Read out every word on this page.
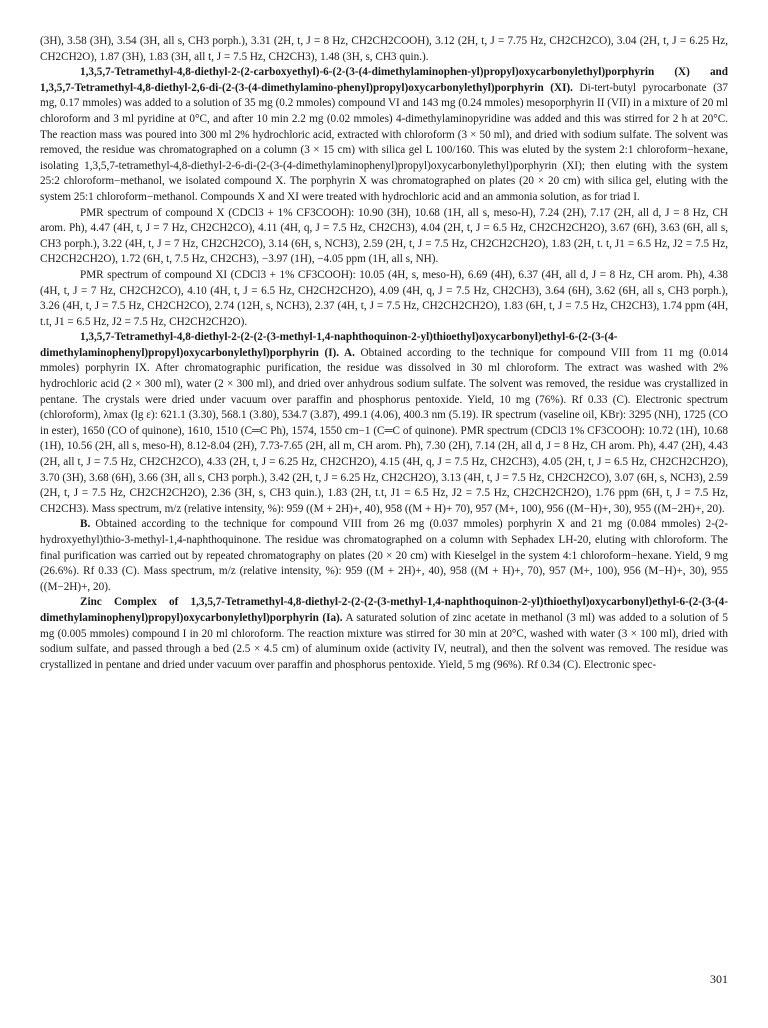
(3H), 3.58 (3H), 3.54 (3H, all s, CH3 porph.), 3.31 (2H, t, J = 8 Hz, CH2CH2COOH), 3.12 (2H, t, J = 7.75 Hz, CH2CH2CO), 3.04 (2H, t, J = 6.25 Hz, CH2CH2O), 1.87 (3H), 1.83 (3H, all t, J = 7.5 Hz, CH2CH3), 1.48 (3H, s, CH3 quin.).

1,3,5,7-Tetramethyl-4,8-diethyl-2-(2-carboxyethyl)-6-(2-(3-(4-dimethylaminophen-yl)propyl)oxycarbonylethyl)porphyrin (X) and 1,3,5,7-Tetramethyl-4,8-diethyl-2,6-di-(2-(3-(4-dimethylamino-phenyl)propyl)oxycarbonylethyl)porphyrin (XI). Di-tert-butyl pyrocarbonate (37 mg, 0.17 mmoles) was added to a solution of 35 mg (0.2 mmoles) compound VI and 143 mg (0.24 mmoles) mesoporphyrin II (VII) in a mixture of 20 ml chloroform and 3 ml pyridine at 0°C, and after 10 min 2.2 mg (0.02 mmoles) 4-dimethylaminopyridine was added and this was stirred for 2 h at 20°C. The reaction mass was poured into 300 ml 2% hydrochloric acid, extracted with chloroform (3 × 50 ml), and dried with sodium sulfate. The solvent was removed, the residue was chromatographed on a column (3 × 15 cm) with silica gel L 100/160. This was eluted by the system 2:1 chloroform−hexane, isolating 1,3,5,7-tetramethyl-4,8-diethyl-2-6-di-(2-(3-(4-dimethylaminophenyl)propyl)oxycarbonylethyl)porphyrin (XI); then eluting with the system 25:2 chloroform−methanol, we isolated compound X. The porphyrin X was chromatographed on plates (20 × 20 cm) with silica gel, eluting with the system 25:1 chloroform−methanol. Compounds X and XI were treated with hydrochloric acid and an ammonia solution, as for triad I.

PMR spectrum of compound X (CDCl3 + 1% CF3COOH): 10.90 (3H), 10.68 (1H, all s, meso-H), 7.24 (2H), 7.17 (2H, all d, J = 8 Hz, CH arom. Ph), 4.47 (4H, t, J = 7 Hz, CH2CH2CO), 4.11 (4H, q, J = 7.5 Hz, CH2CH3), 4.04 (2H, t, J = 6.5 Hz, CH2CH2CH2O), 3.67 (6H), 3.63 (6H, all s, CH3 porph.), 3.22 (4H, t, J = 7 Hz, CH2CH2CO), 3.14 (6H, s, NCH3), 2.59 (2H, t, J = 7.5 Hz, CH2CH2CH2O), 1.83 (2H, t. t, J1 = 6.5 Hz, J2 = 7.5 Hz, CH2CH2CH2O), 1.72 (6H, t, 7.5 Hz, CH2CH3), −3.97 (1H), −4.05 ppm (1H, all s, NH).

PMR spectrum of compound XI (CDCl3 + 1% CF3COOH): 10.05 (4H, s, meso-H), 6.69 (4H), 6.37 (4H, all d, J = 8 Hz, CH arom. Ph), 4.38 (4H, t, J = 7 Hz, CH2CH2CO), 4.10 (4H, t, J = 6.5 Hz, CH2CH2CH2O), 4.09 (4H, q, J = 7.5 Hz, CH2CH3), 3.64 (6H), 3.62 (6H, all s, CH3 porph.), 3.26 (4H, t, J = 7.5 Hz, CH2CH2CO), 2.74 (12H, s, NCH3), 2.37 (4H, t, J = 7.5 Hz, CH2CH2CH2O), 1.83 (6H, t, J = 7.5 Hz, CH2CH3), 1.74 ppm (4H, t.t, J1 = 6.5 Hz, J2 = 7.5 Hz, CH2CH2CH2O).

1,3,5,7-Tetramethyl-4,8-diethyl-2-(2-(2-(3-methyl-1,4-naphthoquinon-2-yl)thioethyl)oxycarbonyl)ethyl-6-(2-(3-(4-dimethylaminophenyl)propyl)oxycarbonylethyl)porphyrin (I). A. Obtained according to the technique for compound VIII from 11 mg (0.014 mmoles) porphyrin IX. After chromatographic purification, the residue was dissolved in 30 ml chloroform. The extract was washed with 2% hydrochloric acid (2 × 300 ml), water (2 × 300 ml), and dried over anhydrous sodium sulfate. The solvent was removed, the residue was crystallized in pentane. The crystals were dried under vacuum over paraffin and phosphorus pentoxide. Yield, 10 mg (76%). Rf 0.33 (C). Electronic spectrum (chloroform), λmax (lg ε): 621.1 (3.30), 568.1 (3.80), 534.7 (3.87), 499.1 (4.06), 400.3 nm (5.19). IR spectrum (vaseline oil, KBr): 3295 (NH), 1725 (CO in ester), 1650 (CO of quinone), 1610, 1510 (C═C Ph), 1574, 1550 cm−1 (C═C of quinone). PMR spectrum (CDCl3 1% CF3COOH): 10.72 (1H), 10.68 (1H), 10.56 (2H, all s, meso-H), 8.12-8.04 (2H), 7.73-7.65 (2H, all m, CH arom. Ph), 7.30 (2H), 7.14 (2H, all d, J = 8 Hz, CH arom. Ph), 4.47 (2H), 4.43 (2H, all t, J = 7.5 Hz, CH2CH2CO), 4.33 (2H, t, J = 6.25 Hz, CH2CH2O), 4.15 (4H, q, J = 7.5 Hz, CH2CH3), 4.05 (2H, t, J = 6.5 Hz, CH2CH2CH2O), 3.70 (3H), 3.68 (6H), 3.66 (3H, all s, CH3 porph.), 3.42 (2H, t, J = 6.25 Hz, CH2CH2O), 3.13 (4H, t, J = 7.5 Hz, CH2CH2CO), 3.07 (6H, s, NCH3), 2.59 (2H, t, J = 7.5 Hz, CH2CH2CH2O), 2.36 (3H, s, CH3 quin.), 1.83 (2H, t.t, J1 = 6.5 Hz, J2 = 7.5 Hz, CH2CH2CH2O), 1.76 ppm (6H, t, J = 7.5 Hz, CH2CH3). Mass spectrum, m/z (relative intensity, %): 959 ((M + 2H)+, 40), 958 ((M + H)+ 70), 957 (M+, 100), 956 ((M−H)+, 30), 955 ((M−2H)+, 20).

B. Obtained according to the technique for compound VIII from 26 mg (0.037 mmoles) porphyrin X and 21 mg (0.084 mmoles) 2-(2-hydroxyethyl)thio-3-methyl-1,4-naphthoquinone. The residue was chromatographed on a column with Sephadex LH-20, eluting with chloroform. The final purification was carried out by repeated chromatography on plates (20 × 20 cm) with Kieselgel in the system 4:1 chloroform−hexane. Yield, 9 mg (26.6%). Rf 0.33 (C). Mass spectrum, m/z (relative intensity, %): 959 ((M + 2H)+, 40), 958 ((M + H)+, 70), 957 (M+, 100), 956 (M−H)+, 30), 955 ((M−2H)+, 20).

Zinc Complex of 1,3,5,7-Tetramethyl-4,8-diethyl-2-(2-(2-(3-methyl-1,4-naphthoquinon-2-yl)thioethyl)oxycarbonyl)ethyl-6-(2-(3-(4-dimethylaminophenyl)propyl)oxycarbonylethyl)porphyrin (Ia). A saturated solution of zinc acetate in methanol (3 ml) was added to a solution of 5 mg (0.005 mmoles) compound I in 20 ml chloroform. The reaction mixture was stirred for 30 min at 20°C, washed with water (3 × 100 ml), dried with sodium sulfate, and passed through a bed (2.5 × 4.5 cm) of aluminum oxide (activity IV, neutral), and then the solvent was removed. The residue was crystallized in pentane and dried under vacuum over paraffin and phosphorus pentoxide. Yield, 5 mg (96%). Rf 0.34 (C). Electronic spec-

301
